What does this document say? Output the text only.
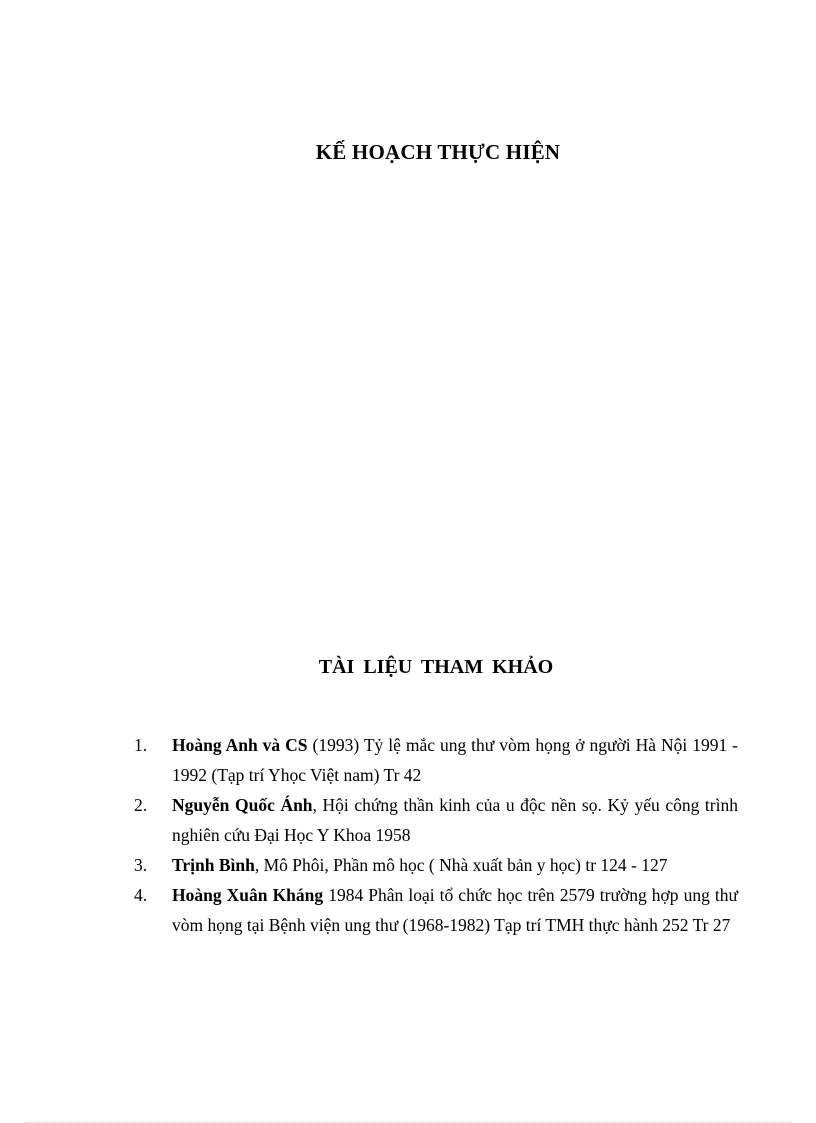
KẾ HOẠCH THỰC HIỆN
TÀI LIỆU THAM KHẢO
1. Hoàng Anh và CS (1993) Tỷ lệ mắc ung thư vòm họng ở người Hà Nội 1991 - 1992 (Tạp trí Yhọc Việt nam) Tr 42
2. Nguyễn Quốc Ánh, Hội chứng thần kinh của u độc nền sọ. Kỷ yếu công trình nghiên cứu Đại Học Y Khoa 1958
3. Trịnh Bình, Mô Phôi, Phần mô học ( Nhà xuất bản y học) tr 124 - 127
4. Hoàng Xuân Kháng 1984 Phân loại tổ chức học trên 2579 trường hợp ung thư vòm họng tại Bệnh viện ung thư (1968-1982) Tạp trí TMH thực hành 252 Tr 27
